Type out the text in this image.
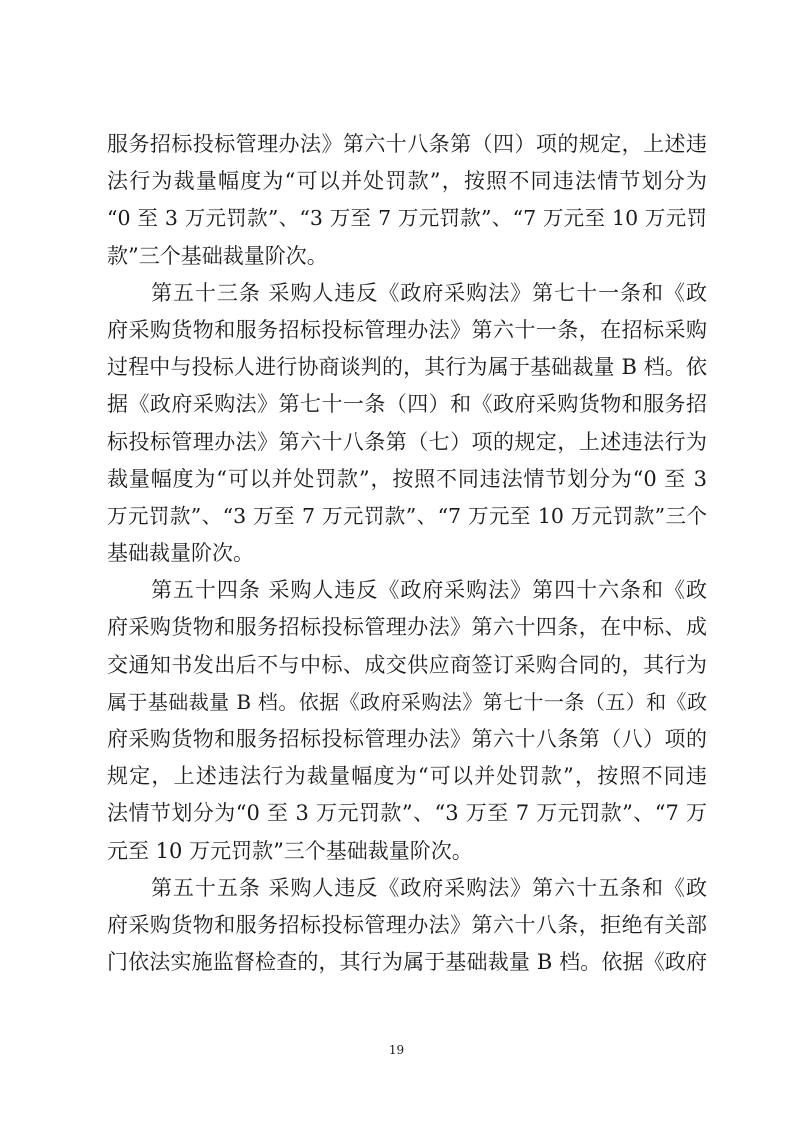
服务招标投标管理办法》第六十八条第（四）项的规定，上述违
法行为裁量幅度为“可以并处罚款”，按照不同违法情节划分为
“0 至 3 万元罚款”、“3 万至 7 万元罚款”、“7 万元至 10 万元罚
款”三个基础裁量阶次。
　　第五十三条 采购人违反《政府采购法》第七十一条和《政
府采购货物和服务招标投标管理办法》第六十一条，在招标采购
过程中与投标人进行协商谈判的，其行为属于基础裁量 B 档。依
据《政府采购法》第七十一条（四）和《政府采购货物和服务招
标投标管理办法》第六十八条第（七）项的规定，上述违法行为
裁量幅度为“可以并处罚款”，按照不同违法情节划分为“0 至 3
万元罚款”、“3 万至 7 万元罚款”、“7 万元至 10 万元罚款”三个
基础裁量阶次。
　　第五十四条 采购人违反《政府采购法》第四十六条和《政
府采购货物和服务招标投标管理办法》第六十四条，在中标、成
交通知书发出后不与中标、成交供应商签订采购合同的，其行为
属于基础裁量 B 档。依据《政府采购法》第七十一条（五）和《政
府采购货物和服务招标投标管理办法》第六十八条第（八）项的
规定，上述违法行为裁量幅度为“可以并处罚款”，按照不同违
法情节划分为“0 至 3 万元罚款”、“3 万至 7 万元罚款”、“7 万
元至 10 万元罚款”三个基础裁量阶次。
　　第五十五条 采购人违反《政府采购法》第六十五条和《政
府采购货物和服务招标投标管理办法》第六十八条，拒绝有关部
门依法实施监督检查的，其行为属于基础裁量 B 档。依据《政府
19
